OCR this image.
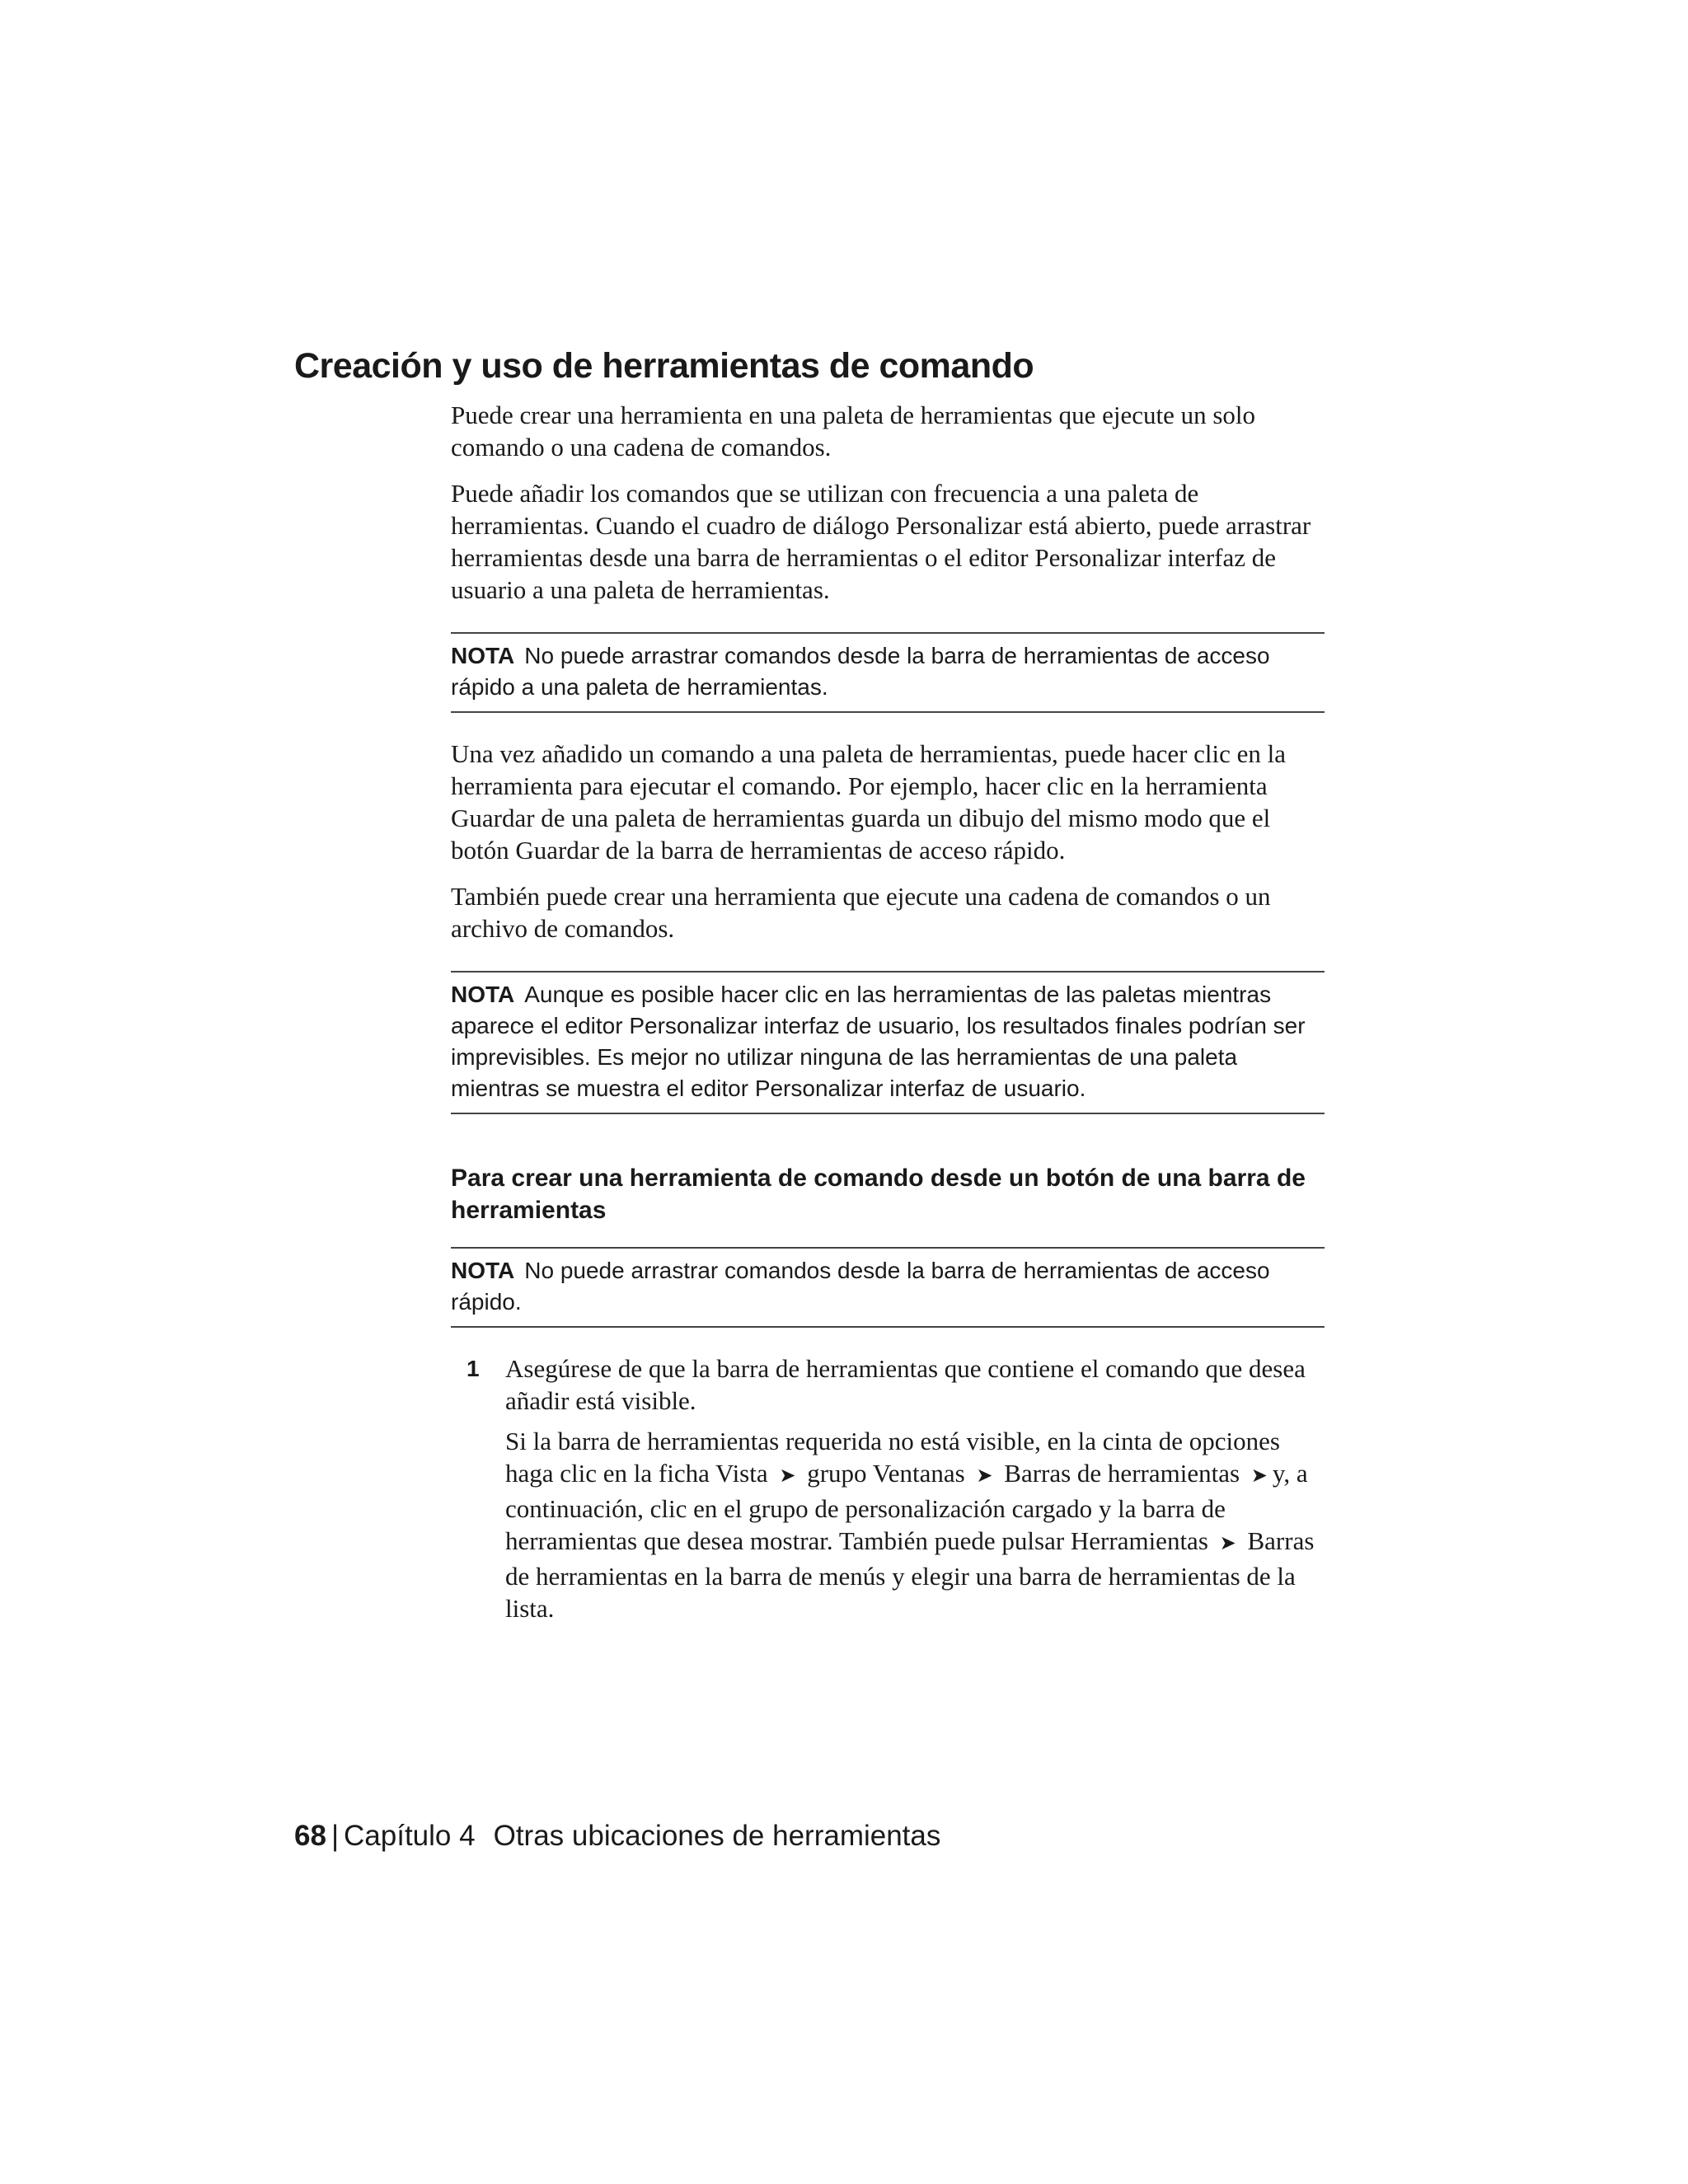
Creación y uso de herramientas de comando

Puede crear una herramienta en una paleta de herramientas que ejecute un solo comando o una cadena de comandos.

Puede añadir los comandos que se utilizan con frecuencia a una paleta de herramientas. Cuando el cuadro de diálogo Personalizar está abierto, puede arrastrar herramientas desde una barra de herramientas o el editor Personalizar interfaz de usuario a una paleta de herramientas.

NOTA No puede arrastrar comandos desde la barra de herramientas de acceso rápido a una paleta de herramientas.

Una vez añadido un comando a una paleta de herramientas, puede hacer clic en la herramienta para ejecutar el comando. Por ejemplo, hacer clic en la herramienta Guardar de una paleta de herramientas guarda un dibujo del mismo modo que el botón Guardar de la barra de herramientas de acceso rápido.

También puede crear una herramienta que ejecute una cadena de comandos o un archivo de comandos.

NOTA Aunque es posible hacer clic en las herramientas de las paletas mientras aparece el editor Personalizar interfaz de usuario, los resultados finales podrían ser imprevisibles. Es mejor no utilizar ninguna de las herramientas de una paleta mientras se muestra el editor Personalizar interfaz de usuario.
Para crear una herramienta de comando desde un botón de una barra de herramientas
NOTA No puede arrastrar comandos desde la barra de herramientas de acceso rápido.
1 Asegúrese de que la barra de herramientas que contiene el comando que desea añadir está visible.

Si la barra de herramientas requerida no está visible, en la cinta de opciones haga clic en la ficha Vista ➤ grupo Ventanas ➤ Barras de herramientas ➤ y, a continuación, clic en el grupo de personalización cargado y la barra de herramientas que desea mostrar. También puede pulsar Herramientas ➤ Barras de herramientas en la barra de menús y elegir una barra de herramientas de la lista.

68 | Capítulo 4 Otras ubicaciones de herramientas
